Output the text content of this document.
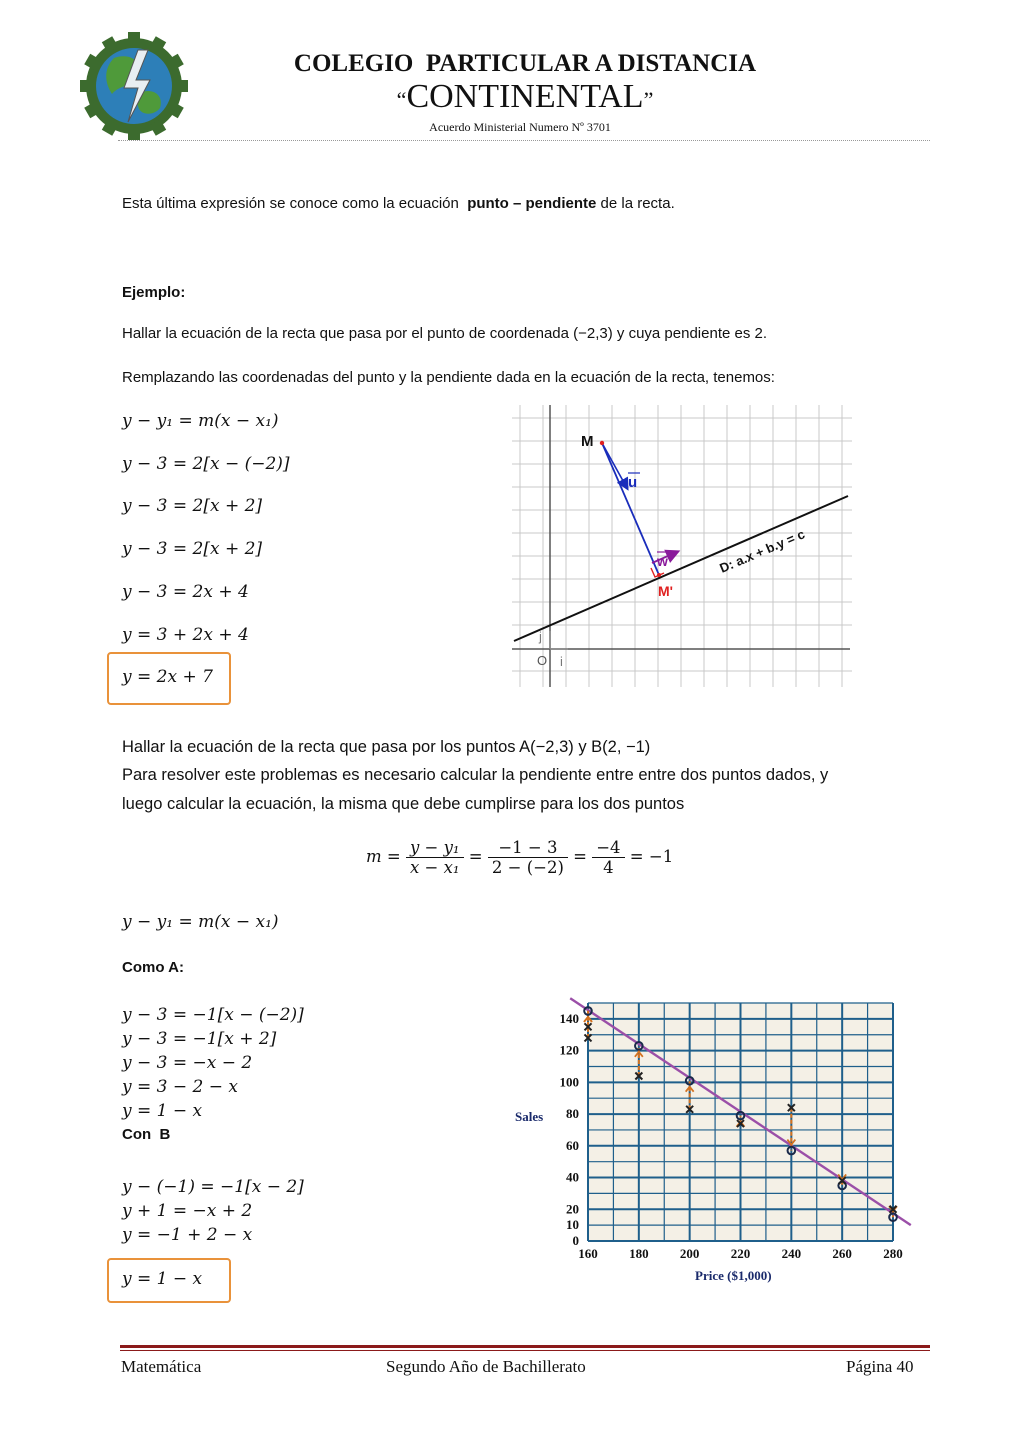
COLEGIO  PARTICULAR A DISTANCIA
“CONTINENTAL”
Acuerdo Ministerial Numero Nº 3701
Esta última expresión se conoce como la ecuación  punto – pendiente de la recta.
Ejemplo:
Hallar la ecuación de la recta que pasa por el punto de coordenada (−2,3) y cuya pendiente es 2.
Remplazando las coordenadas del punto y la pendiente dada en la ecuación de la recta, tenemos:
y − y₁ = m(x − x₁)
y − 3 = 2[x − (−2)]
y − 3 = 2[x + 2]
y − 3 = 2[x + 2]
y − 3 = 2x + 4
y = 3 + 2x + 4
y = 2x + 7
M
u
w
M'
D: a.x + b.y = c
O i
j
Hallar la ecuación de la recta que pasa por los puntos A(−2,3) y B(2, −1)
Para resolver este problemas es necesario calcular la pendiente entre entre dos puntos dados, y
luego calcular la ecuación, la misma que debe cumplirse para los dos puntos
$m = \frac{\text{y − y₁}}{\text{x − x₁}} = \frac{-1 - 3}{2 - (-2)} = \frac{-4}{4} = -1$
y − y₁ = m(x − x₁)
Como A:
y − 3 = −1[x − (−2)]
y − 3 = −1[x + 2]
y − 3 = −x − 2
y = 3 − 2 − x
y = 1 − x
Con  B
y − (−1) = −1[x − 2]
y + 1 = −x + 2
y = −1 + 2 − x
y = 1 − x
160 180 200 220 240 260 280
0
10
20
40
60
80
100
120
140
Sales
Price ($1,000)
Matemática	Segundo Año de Bachillerato	Página 40
